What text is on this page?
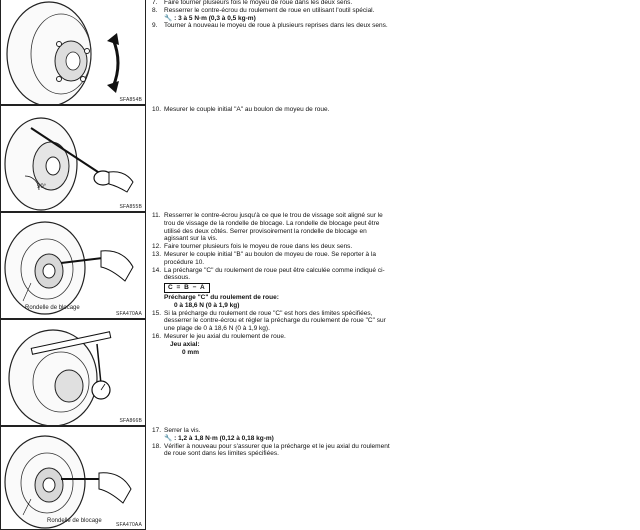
SFA854B
90°
SFA855B
Rondelle de blocage
SFA470AA
SFA866B
Rondelle de blocage
SFA470AA
7.	Faire tourner plusieurs fois le moyeu de roue dans les deux sens.
8.	Resserrer le contre-écrou du roulement de roue en utilisant l'outil spécial.
🔧 : 3 à 5 N·m (0,3 à 0,5 kg-m)
9.	Tourner à nouveau le moyeu de roue à plusieurs reprises dans les deux sens.
10. Mesurer le couple initial "A" au boulon de moyeu de roue.
11. Resserrer le contre-écrou jusqu'à ce que le trou de vissage soit aligné sur le trou de vissage de la rondelle de blocage. La rondelle de blocage peut être utilisé des deux côtés. Serrer provisoirement la rondelle de blocage en agissant sur la vis.
12. Faire tourner plusieurs fois le moyeu de roue dans les deux sens.
13. Mesurer le couple initial "B" au boulon de moyeu de roue. Se reporter à la procédure 10.
14. La précharge "C" du roulement de roue peut être calculée comme indiqué ci-dessous.
C = B − A
Précharge "C" du roulement de roue:
0 à 18,6 N (0 à 1,9 kg)
15. Si la précharge du roulement de roue "C" est hors des limites spécifiées, desserrer le contre-écrou et régler la précharge du roulement de roue "C" sur une plage de 0 à 18,6 N (0 à 1,9 kg).
16. Mesurer le jeu axial du roulement de roue.
Jeu axial:
0 mm
17. Serrer la vis.
🔧 : 1,2 à 1,8 N·m (0,12 à 0,18 kg-m)
18. Vérifier à nouveau pour s'assurer que la précharge et le jeu axial du roulement de roue sont dans les limites spécifiées.
